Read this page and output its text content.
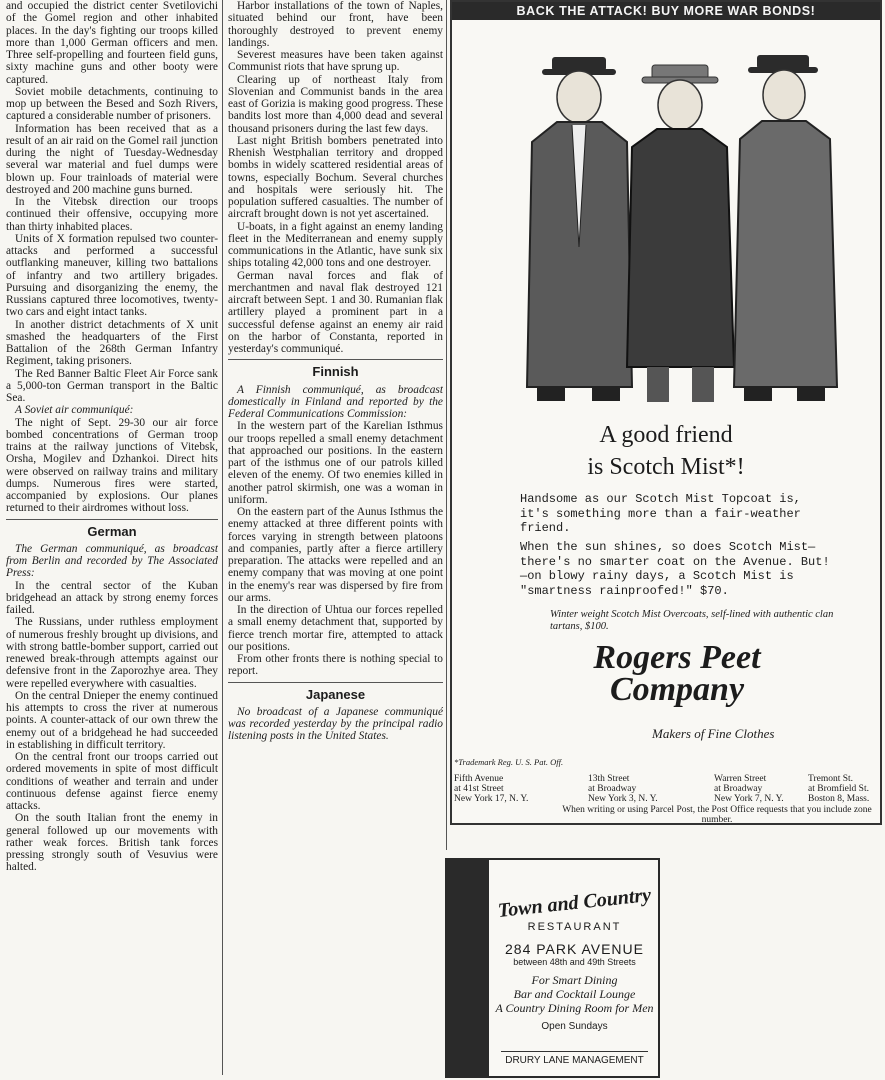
and occupied the district center Svetilovichi of the Gomel region and other inhabited places. In the day's fighting our troops killed more than 1,000 German officers and men. Three self-propelling and fourteen field guns, sixty machine guns and other booty were captured.

Soviet mobile detachments, continuing to mop up between the Besed and Sozh Rivers, captured a considerable number of prisoners.

Information has been received that as a result of an air raid on the Gomel rail junction during the night of Tuesday-Wednesday several war material and fuel dumps were blown up. Four trainloads of material were destroyed and 200 machine guns burned.

In the Vitebsk direction our troops continued their offensive, occupying more than thirty inhabited places.

Units of X formation repulsed two counter-attacks and performed a successful outflanking maneuver, killing two battalions of infantry and two artillery brigades. Pursuing and disorganizing the enemy, the Russians captured three locomotives, twenty-two cars and eight intact tanks.

In another district detachments of X unit smashed the headquarters of the First Battalion of the 268th German Infantry Regiment, taking prisoners.

The Red Banner Baltic Fleet Air Force sank a 5,000-ton German transport in the Baltic Sea.

A Soviet air communiqué:

The night of Sept. 29-30 our air force bombed concentrations of German troop trains at the railway junctions of Vitebsk, Orsha, Mogilev and Dzhankoi. Direct hits were observed on railway trains and military dumps. Numerous fires were started, accompanied by explosions. Our planes returned to their airdromes without loss.

German

The German communiqué, as broadcast from Berlin and recorded by The Associated Press:

In the central sector of the Kuban bridgehead an attack by strong enemy forces failed.

The Russians, under ruthless employment of numerous freshly brought up divisions, and with strong battle-bomber support, carried out renewed break-through attempts against our defensive front in the Zaporozhye area. They were repelled everywhere with casualties.

On the central Dnieper the enemy continued his attempts to cross the river at numerous points. A counter-attack of our own threw the enemy out of a bridgehead he had succeeded in establishing in difficult territory.

On the central front our troops carried out ordered movements in spite of most difficult conditions of weather and terrain and under continuous defense against fierce enemy attacks.

On the south Italian front the enemy in general followed up our movements with rather weak forces. British tank forces pressing strongly south of Vesuvius were halted.

Harbor installations of the town of Naples, situated behind our front, have been thoroughly destroyed to prevent enemy landings.

Severest measures have been taken against Communist riots that have sprung up.

Clearing up of northeast Italy from Slovenian and Communist bands in the area east of Gorizia is making good progress. These bandits lost more than 4,000 dead and several thousand prisoners during the last few days.

Last night British bombers penetrated into Rhenish Westphalian territory and dropped bombs in widely scattered residential areas of towns, especially Bochum. Several churches and hospitals were seriously hit. The population suffered casualties. The number of aircraft brought down is not yet ascertained.

U-boats, in a fight against an enemy landing fleet in the Mediterranean and enemy supply communications in the Atlantic, have sunk six ships totaling 42,000 tons and one destroyer.

German naval forces and flak of merchantmen and naval flak destroyed 121 aircraft between Sept. 1 and 30. Rumanian flak artillery played a prominent part in a successful defense against an enemy air raid on the harbor of Constanta, reported in yesterday's communiqué.

Finnish

A Finnish communiqué, as broadcast domestically in Finland and reported by the Federal Communications Commission:

In the western part of the Karelian Isthmus our troops repelled a small enemy detachment that approached our positions. In the eastern part of the isthmus one of our patrols killed eleven of the enemy. Of two enemies killed in another patrol skirmish, one was a woman in uniform.

On the eastern part of the Aunus Isthmus the enemy attacked at three different points with forces varying in strength between platoons and companies, partly after a fierce artillery preparation. The attacks were repelled and an enemy company that was moving at one point in the enemy's rear was dispersed by fire from our arms.

In the direction of Uhtua our forces repelled a small enemy detachment that, supported by fierce trench mortar fire, attempted to attack our positions.

From other fronts there is nothing special to report.

Japanese

No broadcast of a Japanese communiqué was recorded yesterday by the principal radio listening posts in the United States.

BACK THE ATTACK! BUY MORE WAR BONDS!
A good friend
is Scotch Mist*!
Handsome as our Scotch Mist Topcoat is, it's something more than a fair-weather friend.
When the sun shines, so does Scotch Mist—there's no smarter coat on the Avenue. But!—on blowy rainy days, a Scotch Mist is "smartness rainproofed!" $70.
Winter weight Scotch Mist Overcoats, self-lined with authentic clan tartans, $100.
Rogers Peet
Company
Makers of Fine Clothes
*Trademark Reg. U. S. Pat. Off.
Fifth Avenue
at 41st Street
New York 17, N. Y.
13th Street
at Broadway
New York 3, N. Y.
Warren Street
at Broadway
New York 7, N. Y.
Tremont St.
at Bromfield St.
Boston 8, Mass.
When writing or using Parcel Post, the Post Office requests that you include zone number.
Town and Country
RESTAURANT
284 PARK AVENUE
between 48th and 49th Streets
For Smart Dining
Bar and Cocktail Lounge
A Country Dining Room for Men
Open Sundays
DRURY LANE MANAGEMENT
